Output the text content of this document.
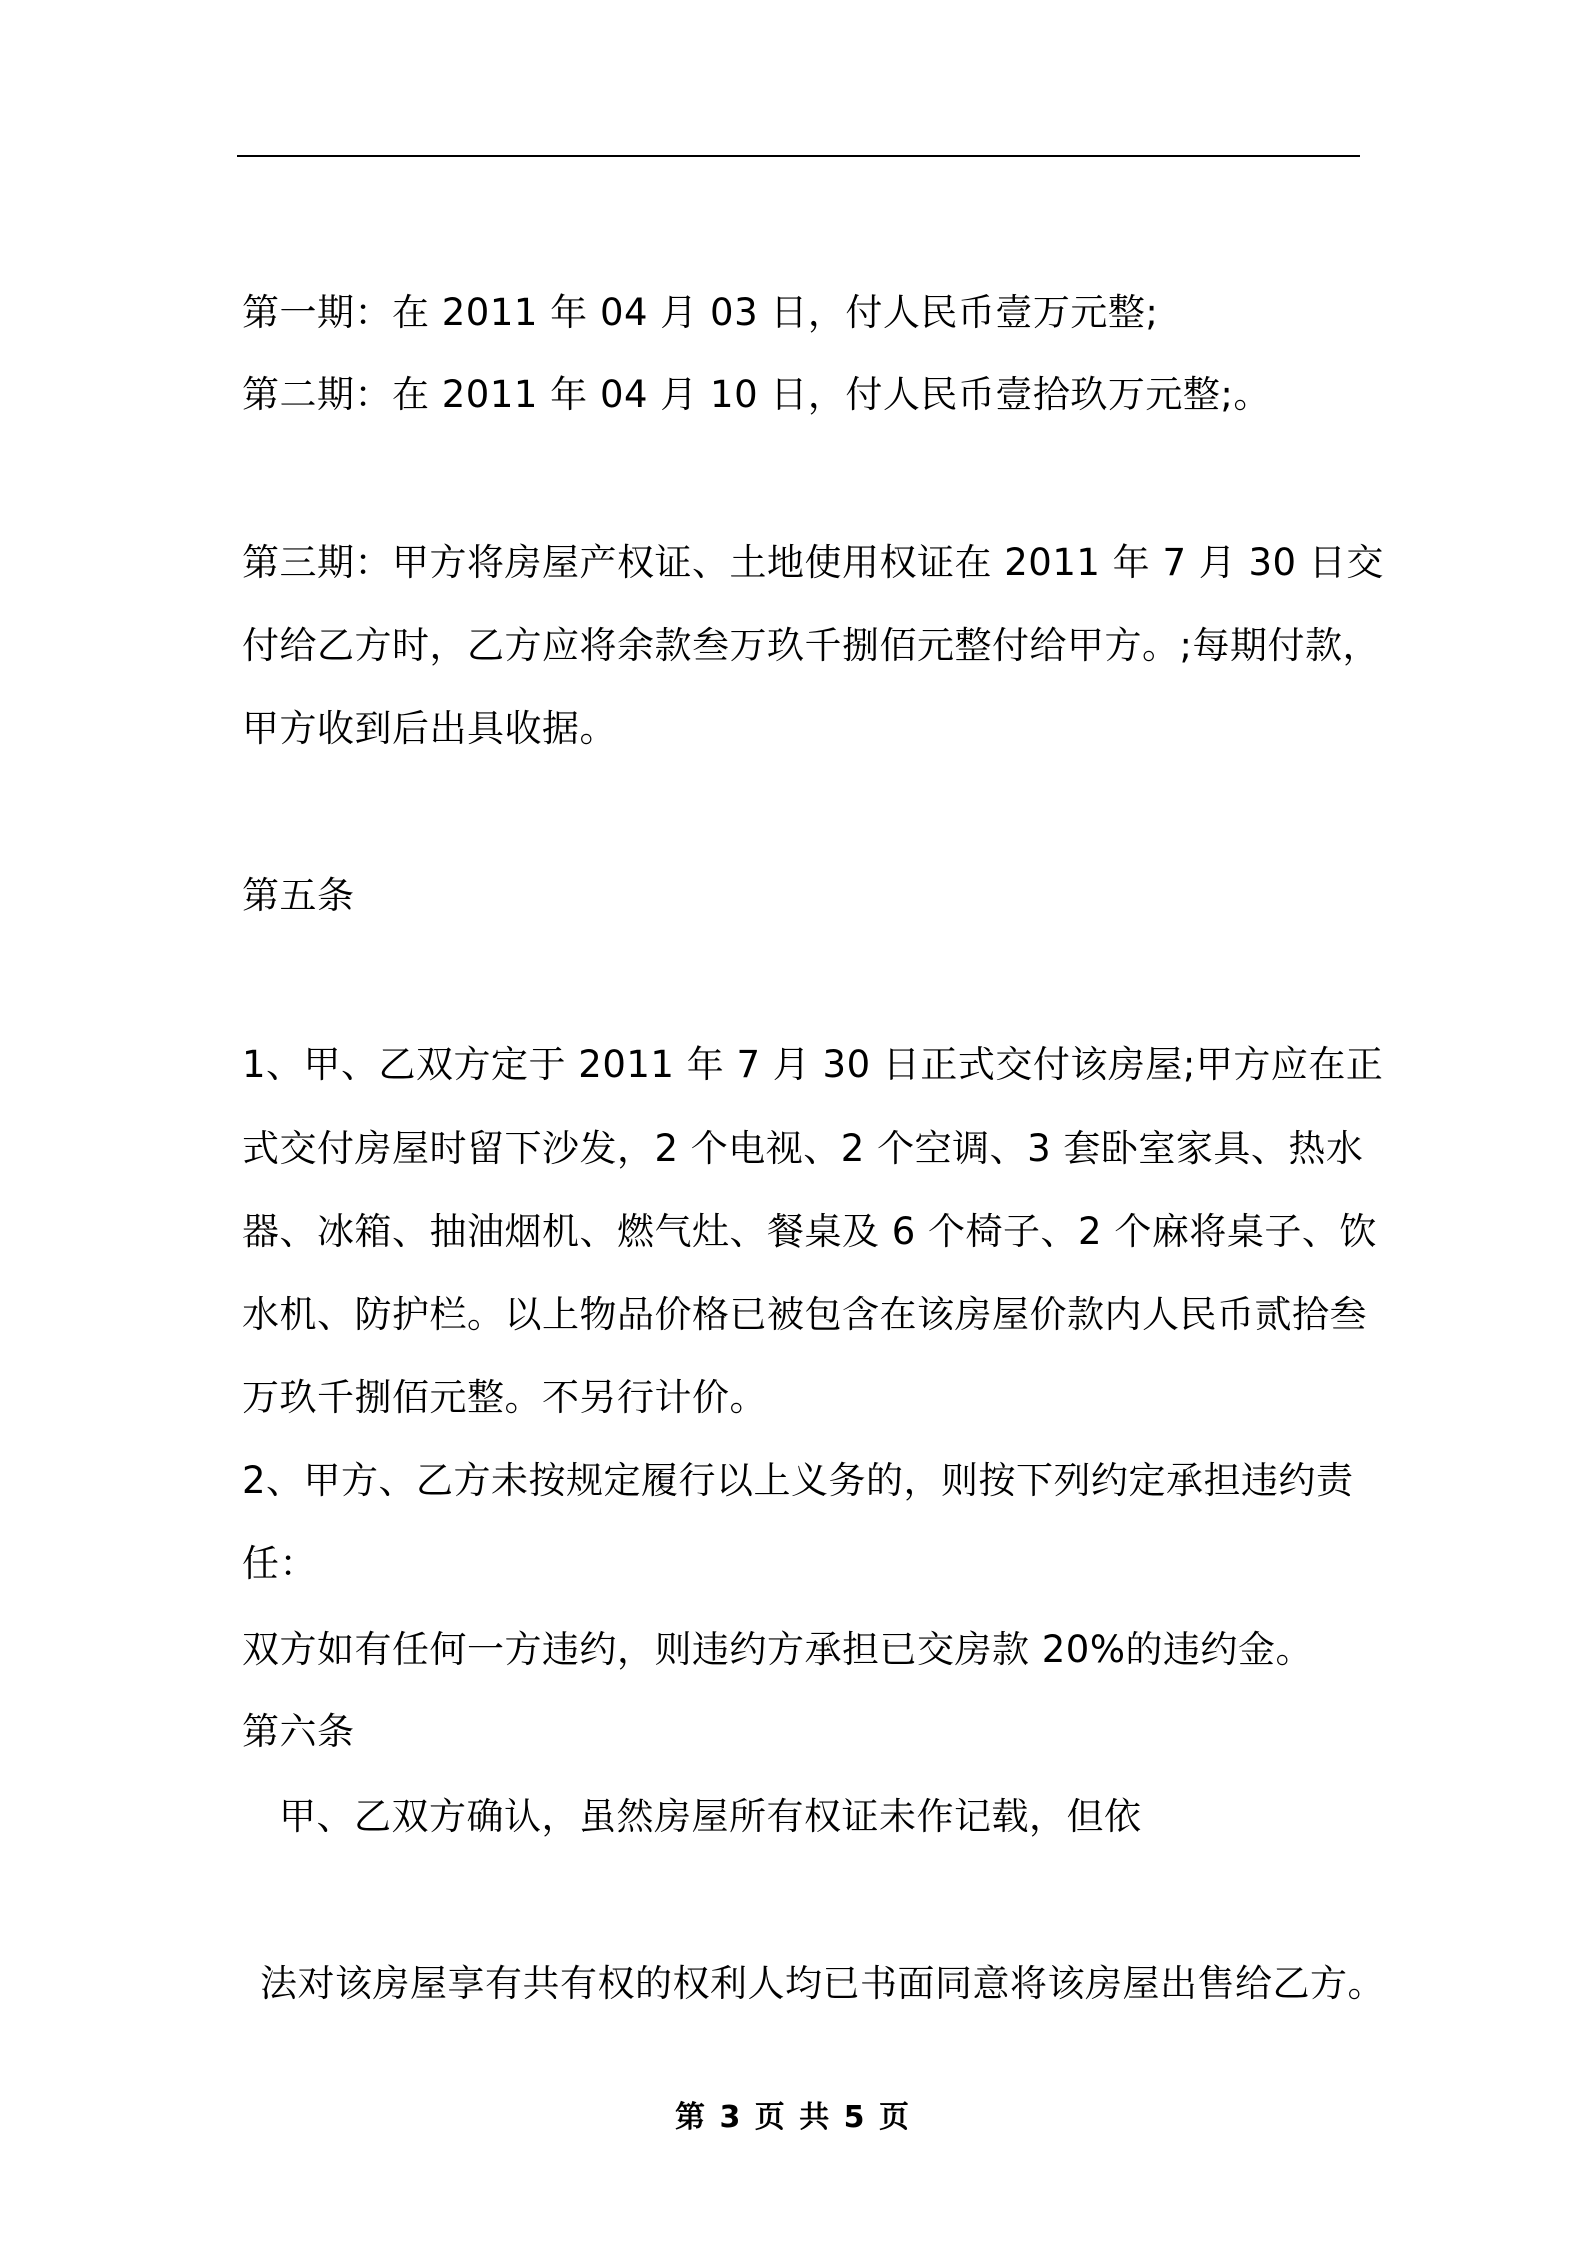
第一期：在 2011 年 04 月 03 日，付人民币壹万元整;
第二期：在 2011 年 04 月 10 日，付人民币壹拾玖万元整;。
第三期：甲方将房屋产权证、土地使用权证在 2011 年 7 月 30 日交
付给乙方时，乙方应将余款叁万玖千捌佰元整付给甲方。;每期付款，
甲方收到后出具收据。
第五条
1、甲、乙双方定于 2011 年 7 月 30 日正式交付该房屋;甲方应在正
式交付房屋时留下沙发，2 个电视、2 个空调、3 套卧室家具、热水
器、冰箱、抽油烟机、燃气灶、餐桌及 6 个椅子、2 个麻将桌子、饮
水机、防护栏。以上物品价格已被包含在该房屋价款内人民币贰拾叁
万玖千捌佰元整。不另行计价。
2、甲方、乙方未按规定履行以上义务的，则按下列约定承担违约责
任：
双方如有任何一方违约，则违约方承担已交房款 20%的违约金。
第六条
甲、乙双方确认，虽然房屋所有权证未作记载，但依
法对该房屋享有共有权的权利人均已书面同意将该房屋出售给乙方。
第 3 页 共 5 页
